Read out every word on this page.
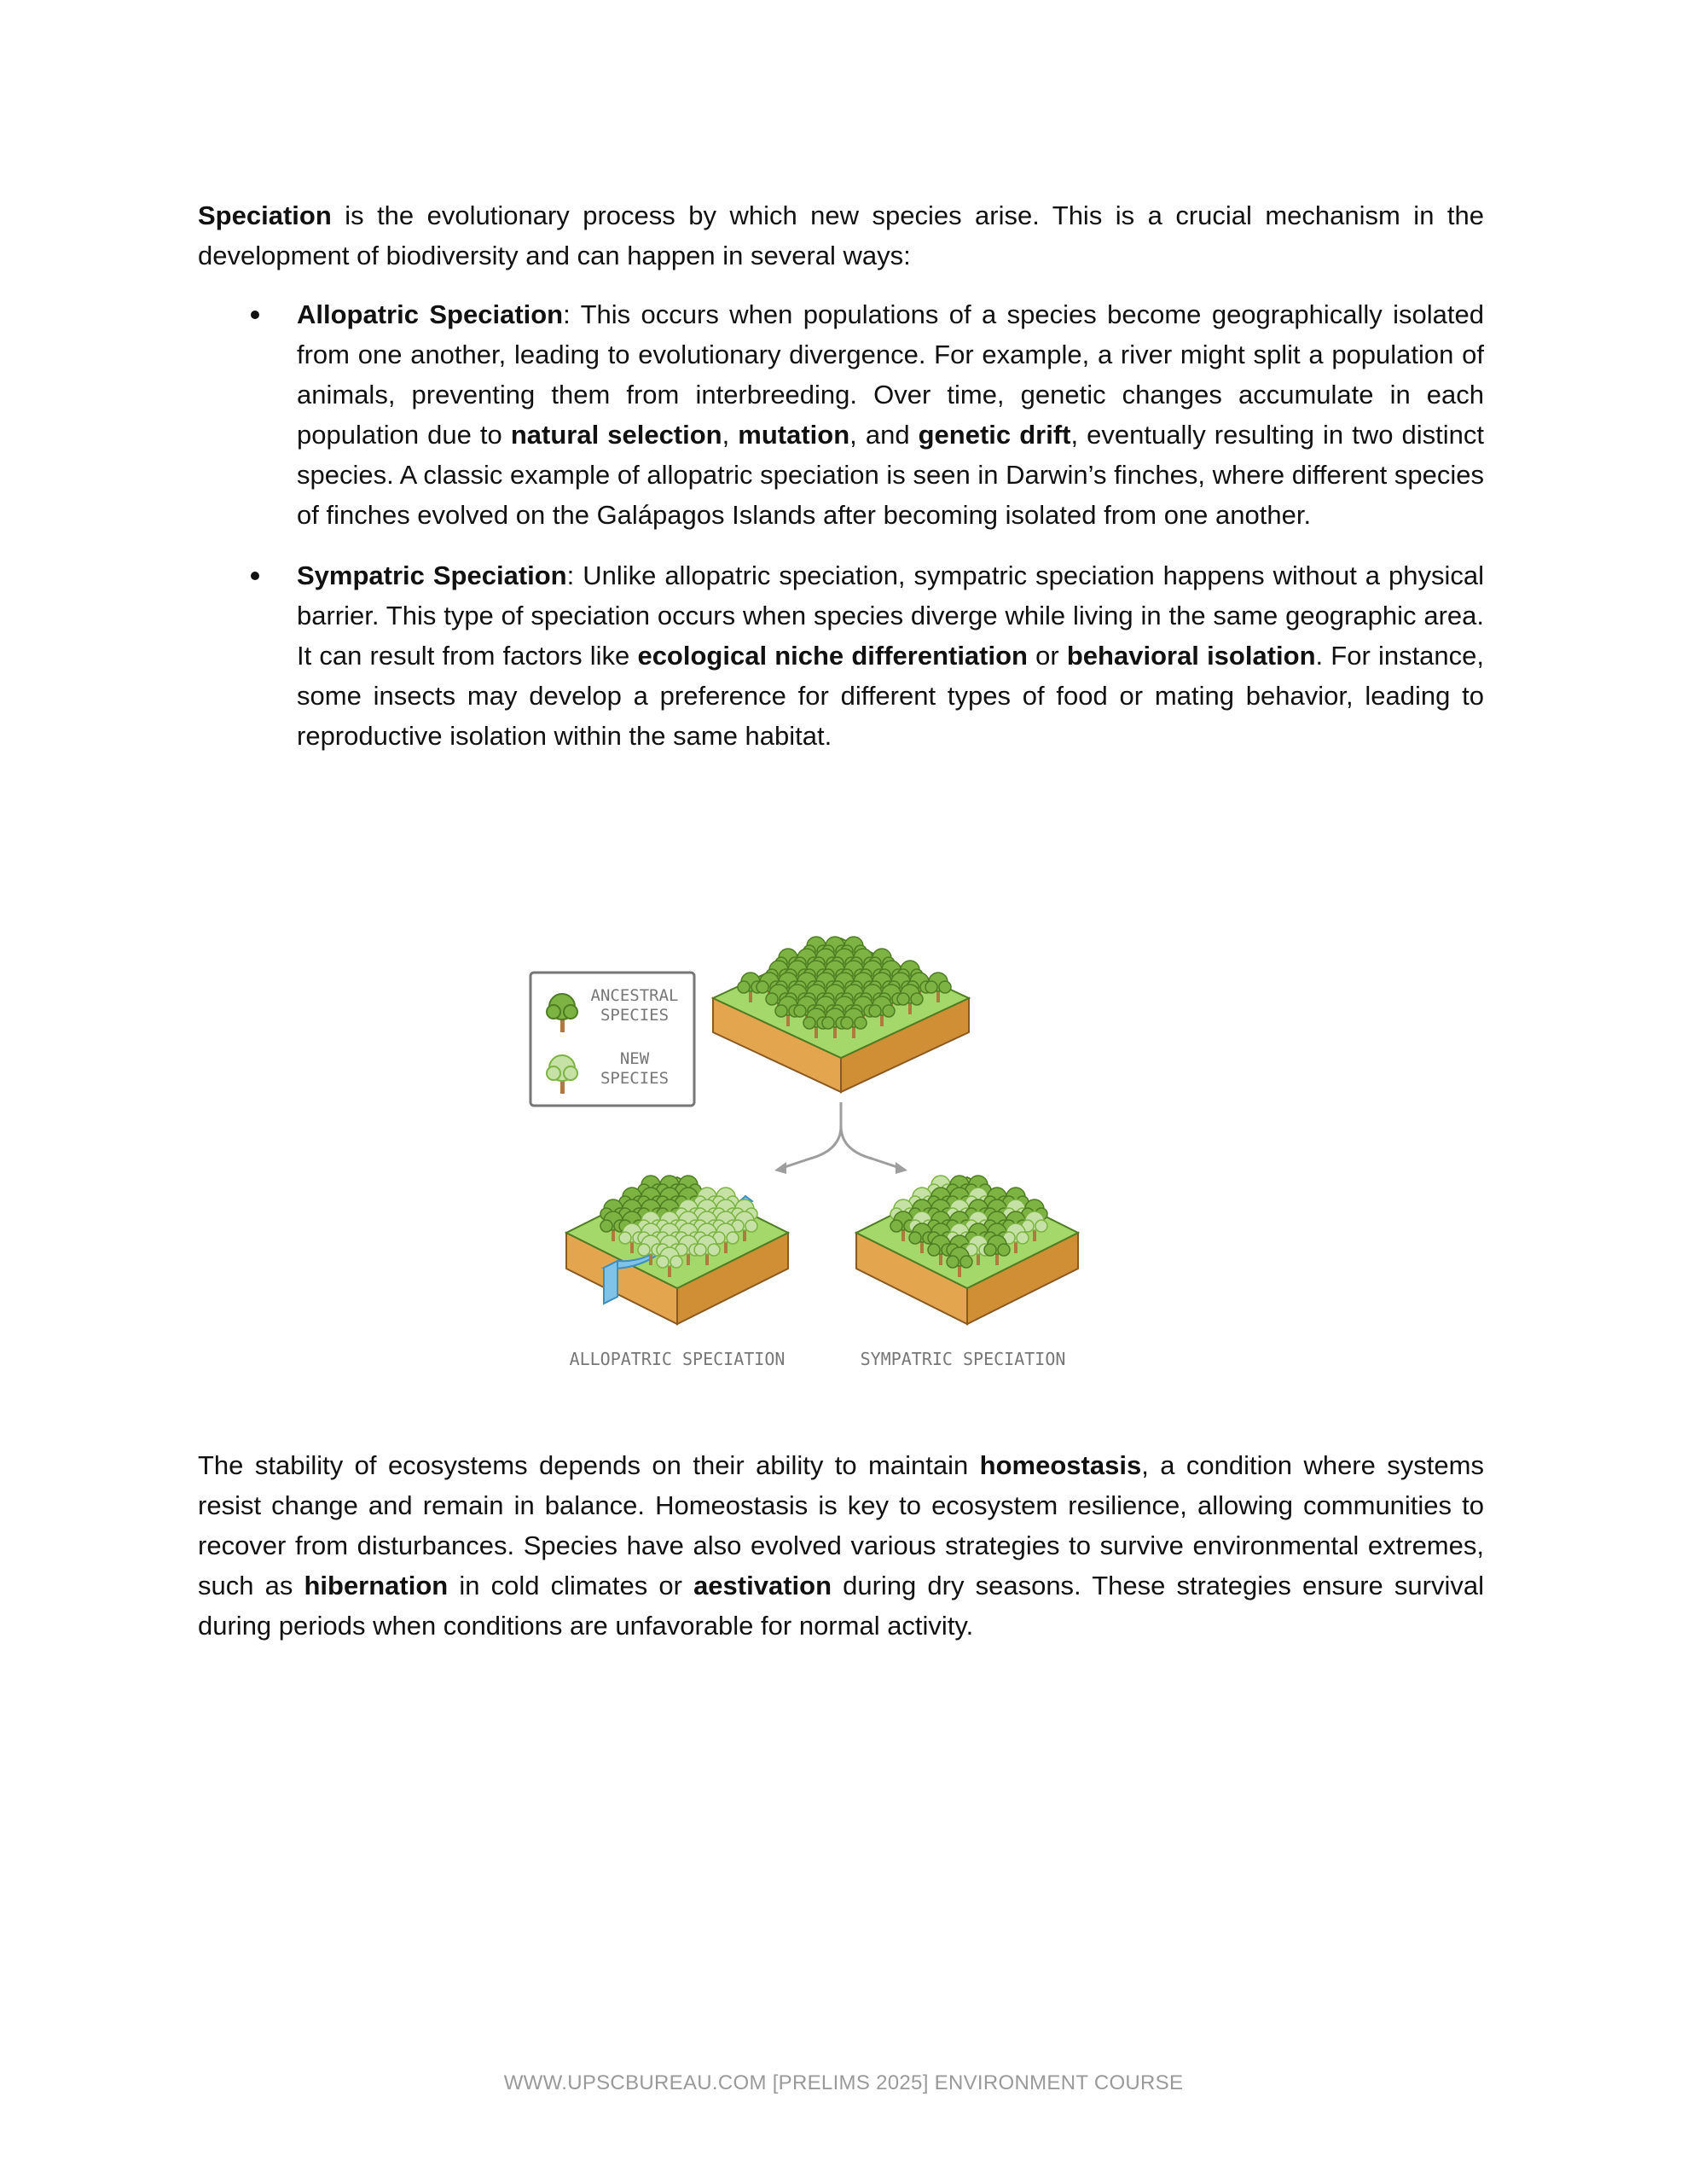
Speciation is the evolutionary process by which new species arise. This is a crucial mechanism in the development of biodiversity and can happen in several ways:

Allopatric Speciation: This occurs when populations of a species become geographically isolated from one another, leading to evolutionary divergence. For example, a river might split a population of animals, preventing them from interbreeding. Over time, genetic changes accumulate in each population due to natural selection, mutation, and genetic drift, eventually resulting in two distinct species. A classic example of allopatric speciation is seen in Darwin’s finches, where different species of finches evolved on the Galápagos Islands after becoming isolated from one another.
Sympatric Speciation: Unlike allopatric speciation, sympatric speciation happens without a physical barrier. This type of speciation occurs when species diverge while living in the same geographic area. It can result from factors like ecological niche differentiation or behavioral isolation. For instance, some insects may develop a preference for different types of food or mating behavior, leading to reproductive isolation within the same habitat.
ANCESTRAL
SPECIES
NEW
SPECIES
ALLOPATRIC SPECIATION	SYMPATRIC SPECIATION

The stability of ecosystems depends on their ability to maintain homeostasis, a condition where systems resist change and remain in balance. Homeostasis is key to ecosystem resilience, allowing communities to recover from disturbances. Species have also evolved various strategies to survive environmental extremes, such as hibernation in cold climates or aestivation during dry seasons. These strategies ensure survival during periods when conditions are unfavorable for normal activity.

WWW.UPSCBUREAU.COM [PRELIMS 2025] ENVIRONMENT COURSE
